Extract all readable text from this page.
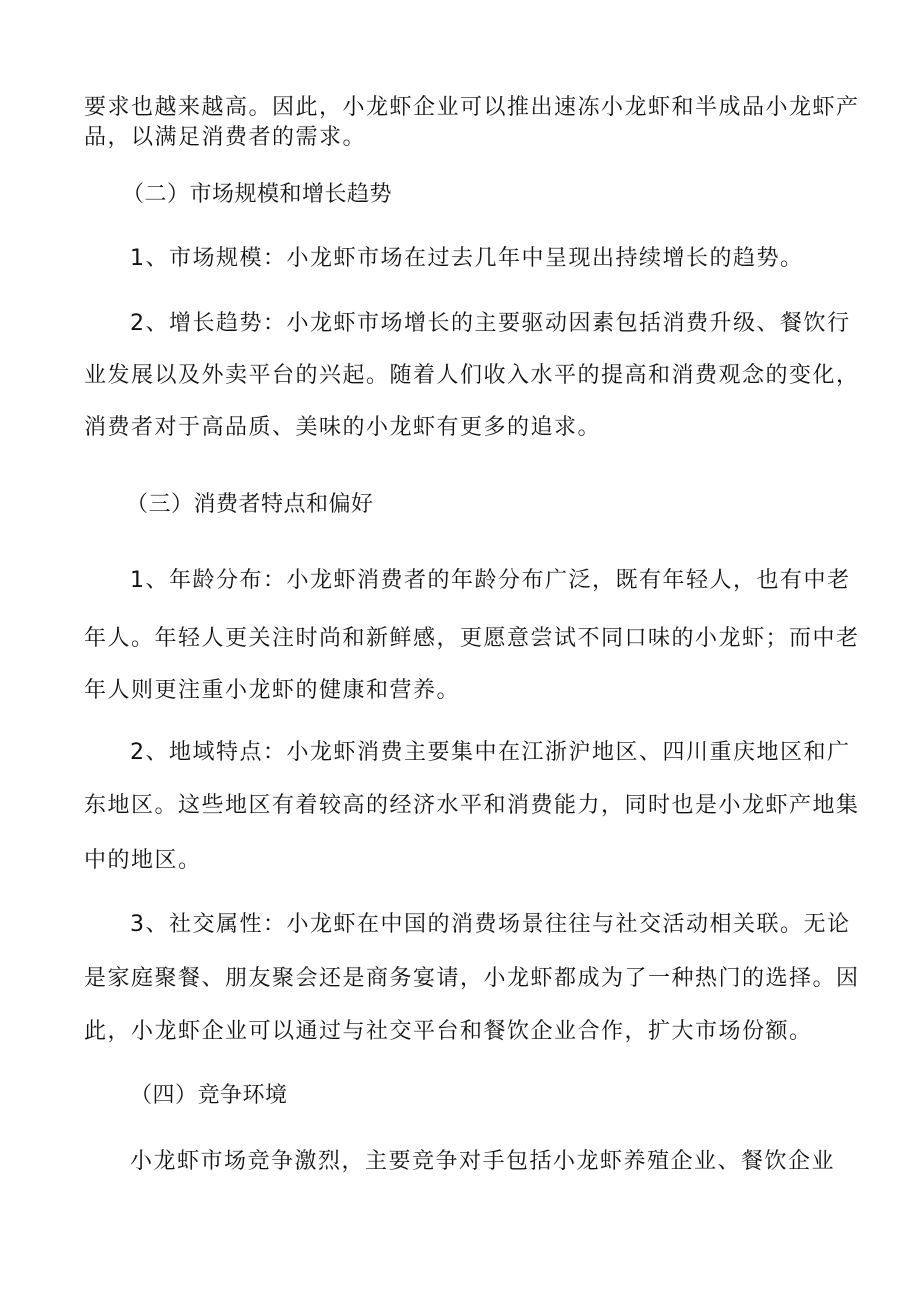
要求也越来越高。因此，小龙虾企业可以推出速冻小龙虾和半成品小龙虾产

品，以满足消费者的需求。

（二）市场规模和增长趋势

1、市场规模：小龙虾市场在过去几年中呈现出持续增长的趋势。

2、增长趋势：小龙虾市场增长的主要驱动因素包括消费升级、餐饮行

业发展以及外卖平台的兴起。随着人们收入水平的提高和消费观念的变化，

消费者对于高品质、美味的小龙虾有更多的追求。

（三）消费者特点和偏好

1、年龄分布：小龙虾消费者的年龄分布广泛，既有年轻人，也有中老

年人。年轻人更关注时尚和新鲜感，更愿意尝试不同口味的小龙虾；而中老

年人则更注重小龙虾的健康和营养。

2、地域特点：小龙虾消费主要集中在江浙沪地区、四川重庆地区和广

东地区。这些地区有着较高的经济水平和消费能力，同时也是小龙虾产地集

中的地区。

3、社交属性：小龙虾在中国的消费场景往往与社交活动相关联。无论

是家庭聚餐、朋友聚会还是商务宴请，小龙虾都成为了一种热门的选择。因

此，小龙虾企业可以通过与社交平台和餐饮企业合作，扩大市场份额。

（四）竞争环境

小龙虾市场竞争激烈，主要竞争对手包括小龙虾养殖企业、餐饮企业
